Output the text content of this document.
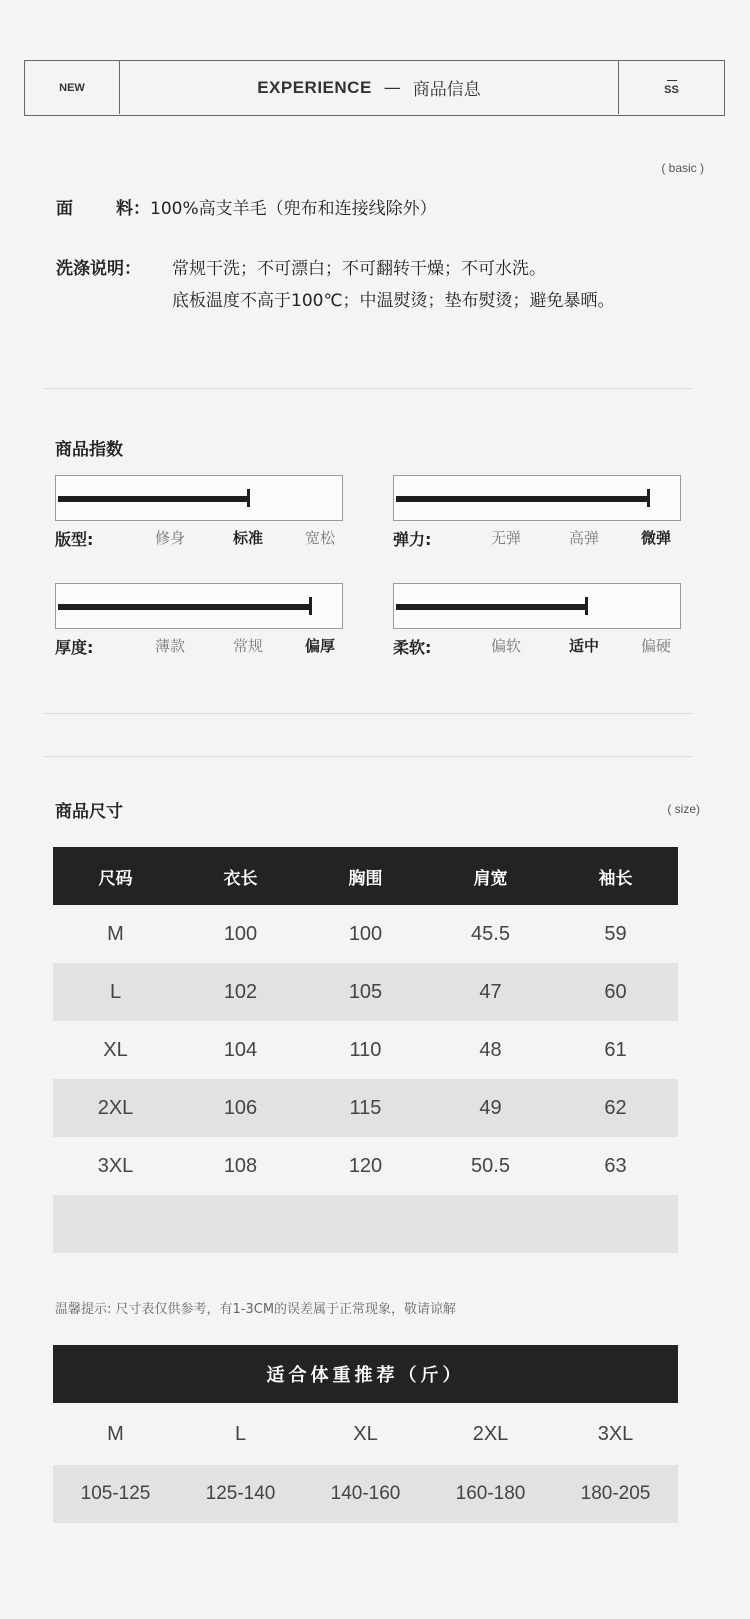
NEW	EXPERIENCE — 商品信息	SS
( basic )
面	料：100%高支羊毛（兜布和连接线除外）
洗涤说明： 常规干洗；不可漂白；不可翻转干燥；不可水洗。
底板温度不高于100℃；中温熨烫；垫布熨烫；避免暴晒。
商品指数
版型:	修身	标准	宽松	弹力:	无弹	高弹	微弹
厚度:	薄款	常规	偏厚	柔软:	偏软	适中	偏硬
商品尺寸	( size)
尺码	衣长	胸围	肩宽	袖长
M	100	100	45.5	59
L	102	105	47	60
XL	104	110	48	61
2XL	106	115	49	62
3XL	108	120	50.5	63
温馨提示: 尺寸表仅供参考，有1-3CM的误差属于正常现象，敬请谅解
适合体重推荐（斤）
M	L	XL	2XL	3XL
105-125	125-140	140-160	160-180	180-205
